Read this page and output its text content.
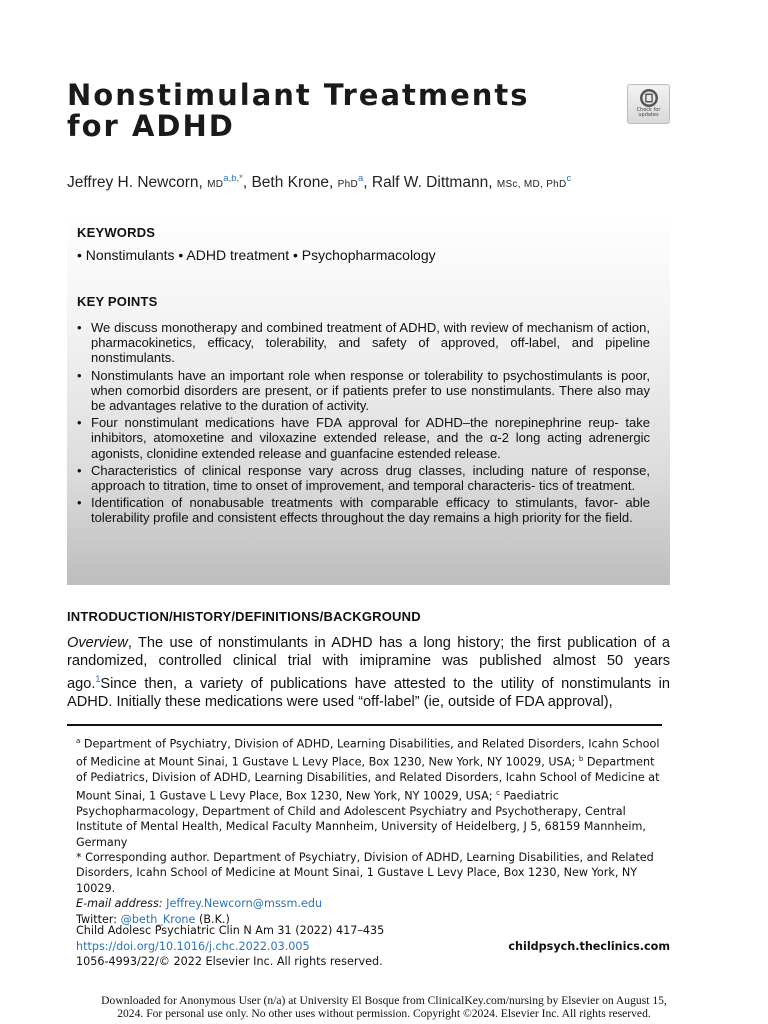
Nonstimulant Treatments
for ADHD	Check for
updates
Jeffrey H. Newcorn, $MD^{a,b,*}$, Beth Krone, PhD$^a$, Ralf W. Dittmann, MSc, MD, PhD$^c$
KEYWORDS
• Nonstimulants • ADHD treatment • Psychopharmacology
KEY POINTS
• We discuss monotherapy and combined treatment of ADHD, with review of mechanism of action, pharmacokinetics, efficacy, tolerability, and safety of approved, off-label, and pipeline nonstimulants.
• Nonstimulants have an important role when response or tolerability to psychostimulants is poor, when comorbid disorders are present, or if patients prefer to use nonstimulants. There also may be advantages relative to the duration of activity.
• Four nonstimulant medications have FDA approval for ADHD–the norepinephrine reup- take inhibitors, atomoxetine and viloxazine extended release, and the α-2 long acting adrenergic agonists, clonidine extended release and guanfacine estended release.
• Characteristics of clinical response vary across drug classes, including nature of response, approach to titration, time to onset of improvement, and temporal characteris- tics of treatment.
• Identification of nonabusable treatments with comparable efficacy to stimulants, favor- able tolerability profile and consistent effects throughout the day remains a high priority for the field.
INTRODUCTION/HISTORY/DEFINITIONS/BACKGROUND

Overview, The use of nonstimulants in ADHD has a long history; the first publication of a randomized, controlled clinical trial with imipramine was published almost 50 years ago.$^1$Since then, a variety of publications have attested to the utility of nonstimulants in ADHD. Initially these medications were used “off-label” (ie, outside of FDA approval),

$^a$ Department of Psychiatry, Division of ADHD, Learning Disabilities, and Related Disorders, Icahn School of Medicine at Mount Sinai, 1 Gustave L Levy Place, Box 1230, New York, NY 10029, USA; $^b$ Department of Pediatrics, Division of ADHD, Learning Disabilities, and Related Disorders, Icahn School of Medicine at Mount Sinai, 1 Gustave L Levy Place, Box 1230, New York, NY 10029, USA; $^c$ Paediatric Psychopharmacology, Department of Child and Adolescent Psychiatry and Psychotherapy, Central Institute of Mental Health, Medical Faculty Mannheim, University of Heidelberg, J 5, 68159 Mannheim, Germany

* Corresponding author. Department of Psychiatry, Division of ADHD, Learning Disabilities, and Related Disorders, Icahn School of Medicine at Mount Sinai, 1 Gustave L Levy Place, Box 1230, New York, NY 10029.

E-mail address: Jeffrey.Newcorn@mssm.edu

Twitter: @beth_Krone (B.K.)

Child Adolesc Psychiatric Clin N Am 31 (2022) 417–435
https://doi.org/10.1016/j.chc.2022.03.005
1056-4993/22/© 2022 Elsevier Inc. All rights reserved.
childpsych.theclinics.com
Downloaded for Anonymous User (n/a) at University El Bosque from ClinicalKey.com/nursing by Elsevier on August 15,
2024. For personal use only. No other uses without permission. Copyright ©2024. Elsevier Inc. All rights reserved.
